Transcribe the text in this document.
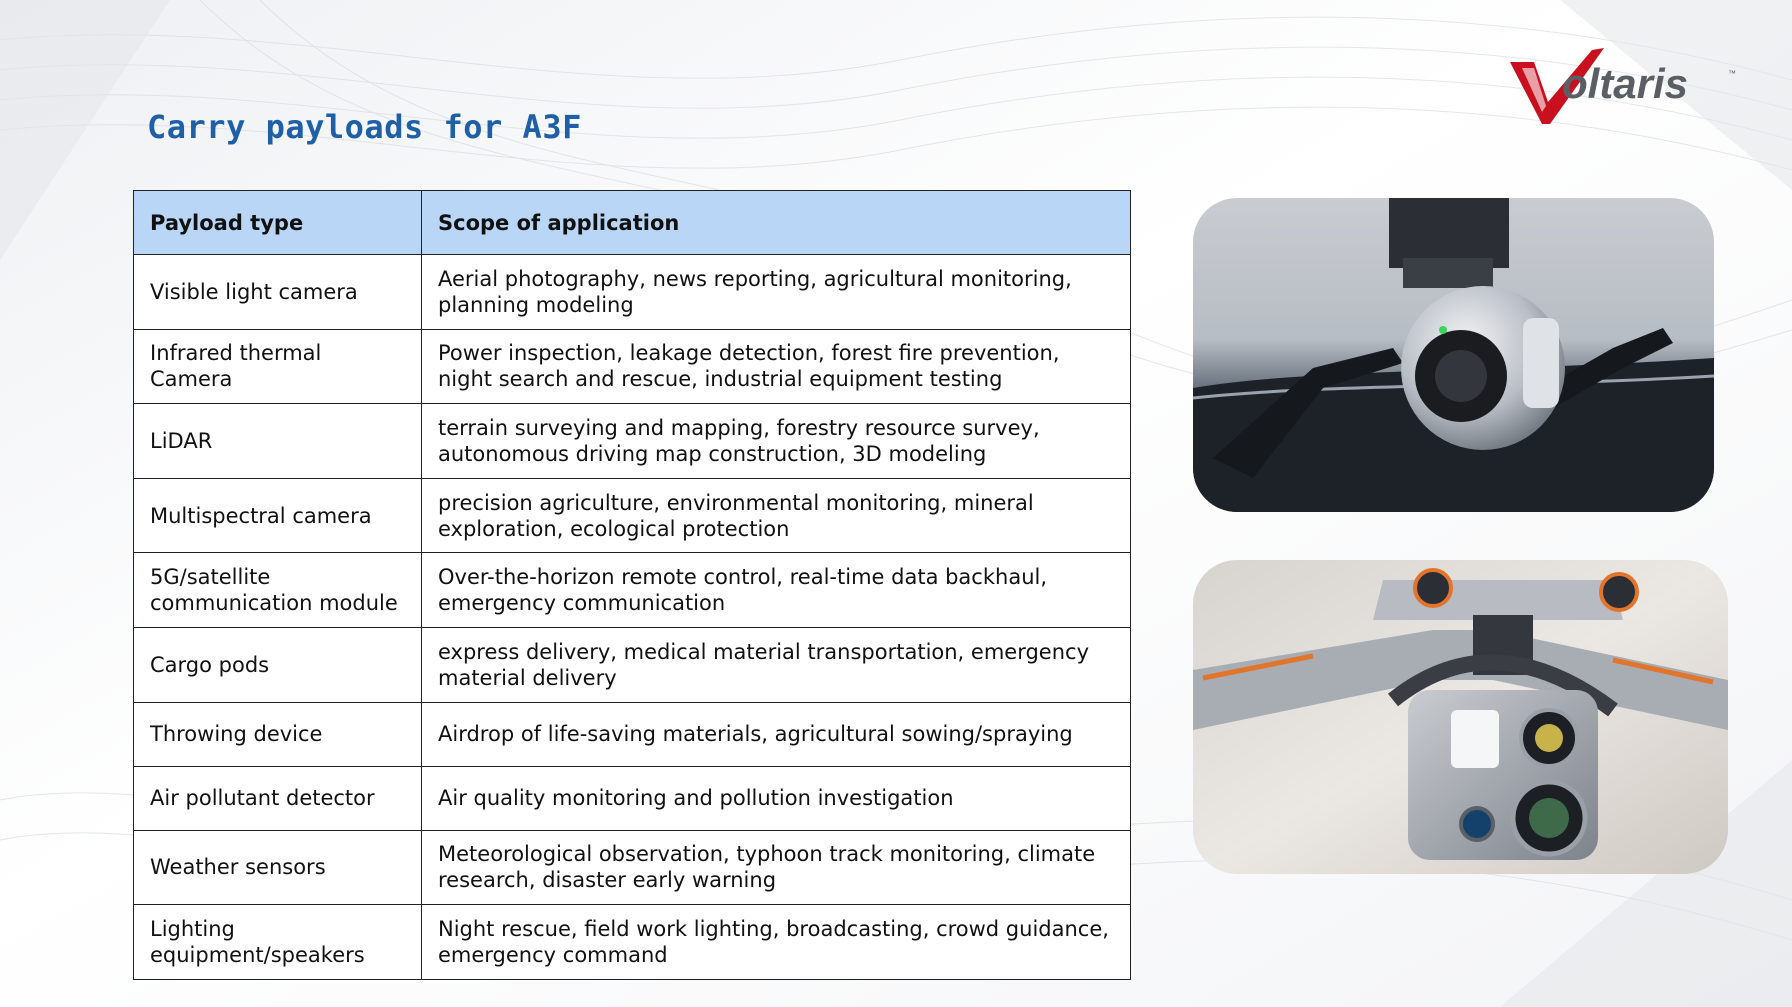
oltaris	™
Carry payloads for A3F
Payload type	Scope of application
Visible light camera	Aerial photography, news reporting, agricultural monitoring, planning modeling
Infrared thermal Camera	Power inspection, leakage detection, forest fire prevention, night search and rescue, industrial equipment testing
LiDAR	terrain surveying and mapping, forestry resource survey, autonomous driving map construction, 3D modeling
Multispectral camera	precision agriculture, environmental monitoring, mineral exploration, ecological protection
5G/satellite communication module	Over-the-horizon remote control, real-time data backhaul, emergency communication
Cargo pods	express delivery, medical material transportation, emergency material delivery
Throwing device	Airdrop of life-saving materials, agricultural sowing/spraying
Air pollutant detector	Air quality monitoring and pollution investigation
Weather sensors	Meteorological observation, typhoon track monitoring, climate research, disaster early warning
Lighting equipment/speakers	Night rescue, field work lighting, broadcasting, crowd guidance, emergency command
